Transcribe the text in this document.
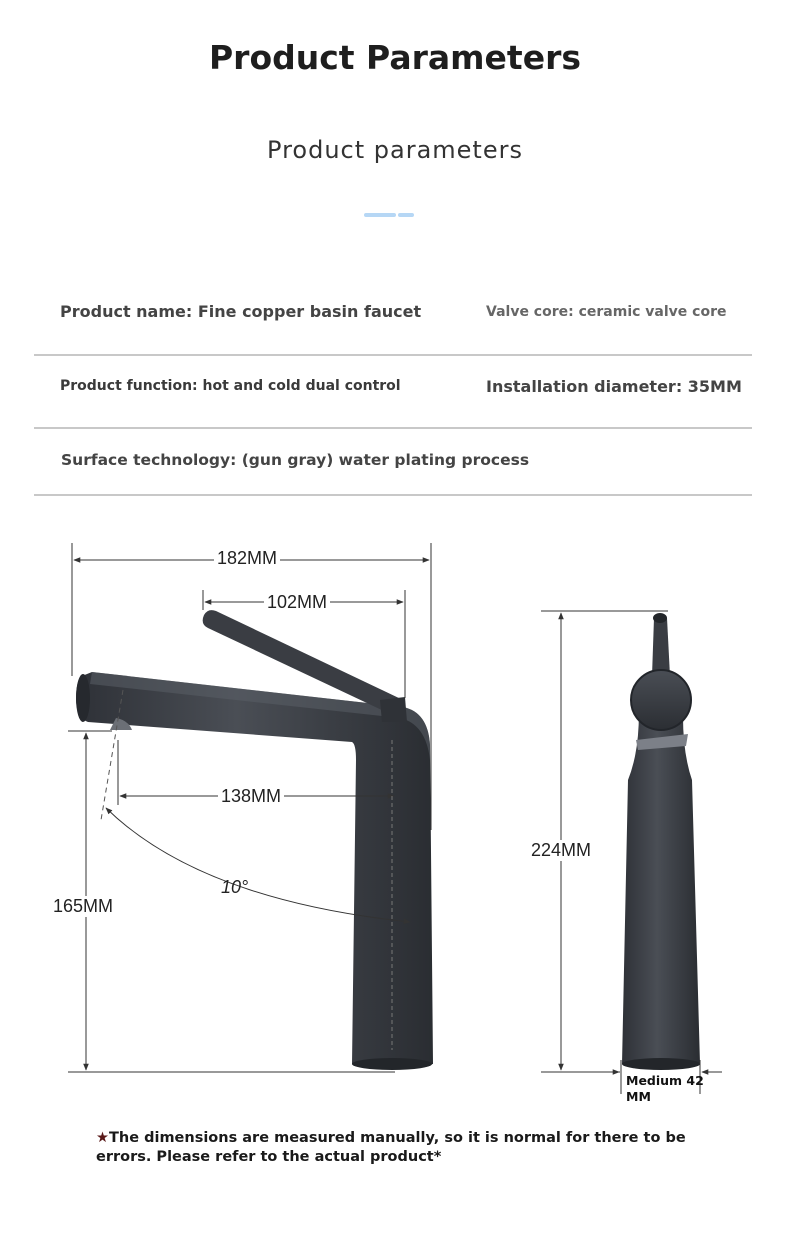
Product Parameters
Product parameters
Product name: Fine copper basin faucet	Valve core: ceramic valve core
Product function: hot and cold dual control	Installation diameter: 35MM
Surface technology: (gun gray) water plating process
182MM
102MM
138MM
165MM
10°
224MM
Medium 42 MM
★The dimensions are measured manually, so it is normal for there to be errors. Please refer to the actual product*
